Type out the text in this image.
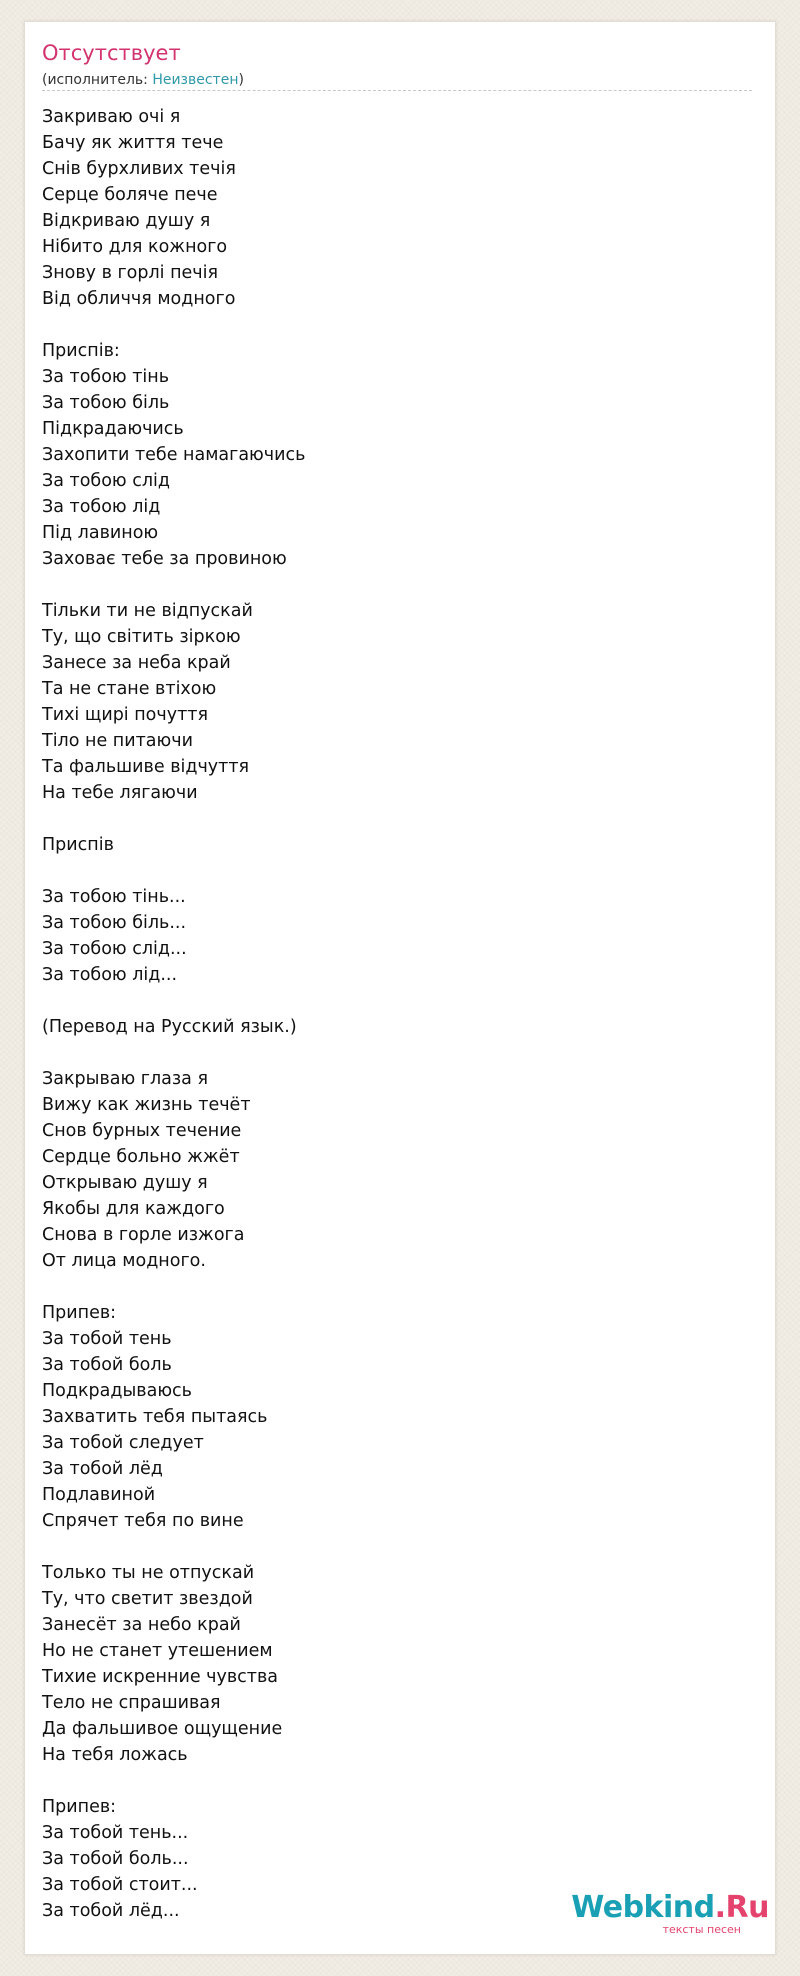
Отсутствует
(исполнитель: Неизвестен)
Закриваю очі я
Бачу як життя тече
Снів бурхливих течія
Серце боляче пече
Відкриваю душу я
Нібито для кожного
Знову в горлі печія
Від обличчя модного
Приспів:
За тобою тінь
За тобою біль
Підкрадаючись
Захопити тебе намагаючись
За тобою слід
За тобою лід
Під лавиною
Заховає тебе за провиною
Тільки ти не відпускай
Ту, що світить зіркою
Занесе за неба край
Та не стане втіхою
Тихі щирі почуття
Тіло не питаючи
Та фальшиве відчуття
На тебе лягаючи
Приспів
За тобою тінь...
За тобою біль...
За тобою слід...
За тобою лід...
(Перевод на Русский язык.)
Закрываю глаза я
Вижу как жизнь течёт
Снов бурных течение
Сердце больно жжёт
Открываю душу я
Якобы для каждого
Снова в горле изжога
От лица модного.
Припев:
За тобой тень
За тобой боль
Подкрадываюсь
Захватить тебя пытаясь
За тобой следует
За тобой лёд
Подлавиной
Спрячет тебя по вине
Только ты не отпускай
Ту, что светит звездой
Занесёт за небо край
Но не станет утешением
Тихие искренние чувства
Тело не спрашивая
Да фальшивое ощущение
На тебя ложась
Припев:
За тобой тень...
За тобой боль...
За тобой стоит...
За тобой лёд...	Webkind.Ru
тексты песен
